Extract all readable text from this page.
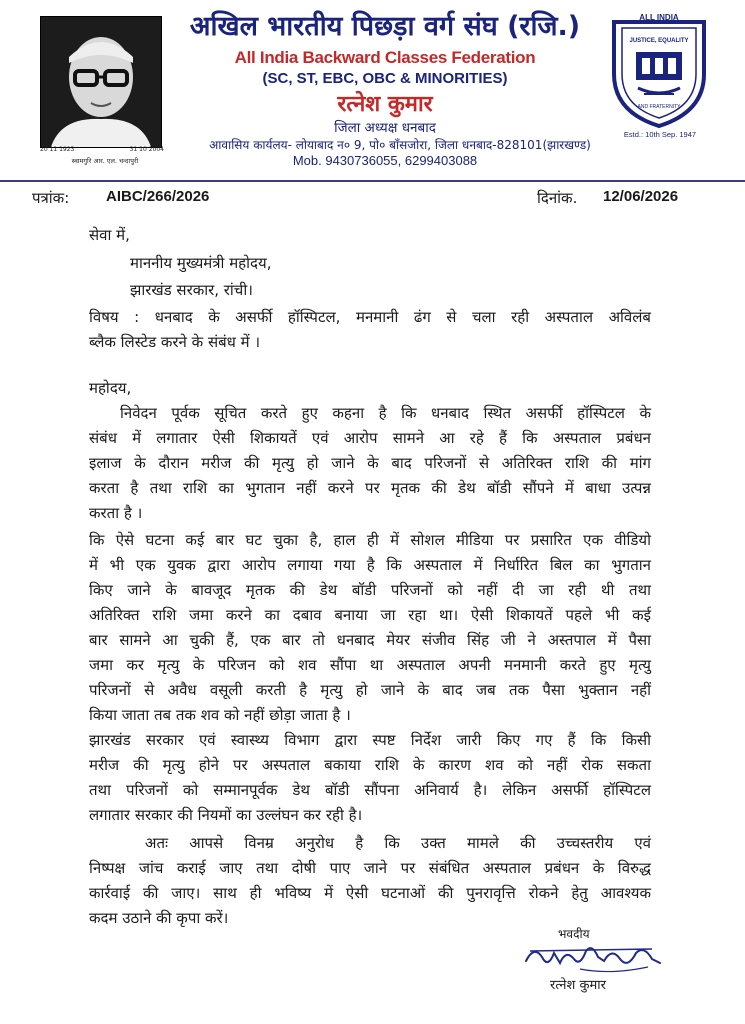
20 11 1923	31 10 2004
स्वामगुरि आर. एल. चन्दापुरी
अखिल भारतीय पिछड़ा वर्ग संघ (रजि.)
All India Backward Classes Federation
(SC, ST, EBC, OBC & MINORITIES)
रत्नेश कुमार
जिला अध्यक्ष धनबाद
आवासिय कार्यलय- लोयाबाद न० 9, पो० बाँसजोरा, जिला धनबाद-828101(झारखण्ड)
Mob. 9430736055, 6299403088
ALL INDIA
JUSTICE, EQUALITY
AND FRATERNITY
Estd.: 10th Sep. 1947
पत्रांक: AIBC/266/2026	दिनांक. 12/06/2026
सेवा में,
माननीय मुख्यमंत्री महोदय,
झारखंड सरकार, रांची।
विषय : धनबाद के असर्फी हॉस्पिटल, मनमानी ढंग से चला रही अस्पताल अविलंब
ब्लैक लिस्टेड करने के संबंध में ।
महोदय,
निवेदन पूर्वक सूचित करते हुए कहना है कि धनबाद स्थित असर्फी हॉस्पिटल के
संबंध में लगातार ऐसी शिकायतें एवं आरोप सामने आ रहे हैं कि अस्पताल प्रबंधन
इलाज के दौरान मरीज की मृत्यु हो जाने के बाद परिजनों से अतिरिक्त राशि की मांग
करता है तथा राशि का भुगतान नहीं करने पर मृतक की डेथ बॉडी सौंपने में बाधा उत्पन्न
करता है ।
कि ऐसे घटना कई बार घट चुका है, हाल ही में सोशल मीडिया पर प्रसारित एक वीडियो
में भी एक युवक द्वारा आरोप लगाया गया है कि अस्पताल में निर्धारित बिल का भुगतान
किए जाने के बावजूद मृतक की डेथ बॉडी परिजनों को नहीं दी जा रही थी तथा
अतिरिक्त राशि जमा करने का दबाव बनाया जा रहा था। ऐसी शिकायतें पहले भी कई
बार सामने आ चुकी हैं, एक बार तो धनबाद मेयर संजीव सिंह जी ने अस्तपाल में पैसा
जमा कर मृत्यु के परिजन को शव सौंपा था अस्पताल अपनी मनमानी करते हुए मृत्यु
परिजनों से अवैध वसूली करती है मृत्यु हो जाने के बाद जब तक पैसा भुक्तान नहीं
किया जाता तब तक शव को नहीं छोड़ा जाता है ।
झारखंड सरकार एवं स्वास्थ्य विभाग द्वारा स्पष्ट निर्देश जारी किए गए हैं कि किसी
मरीज की मृत्यु होने पर अस्पताल बकाया राशि के कारण शव को नहीं रोक सकता
तथा परिजनों को सम्मानपूर्वक डेथ बॉडी सौंपना अनिवार्य है। लेकिन असर्फी हॉस्पिटल
लगातार सरकार की नियमों का उल्लंघन कर रही है।
अतः आपसे विनम्र अनुरोध है कि उक्त मामले की उच्चस्तरीय एवं
निष्पक्ष जांच कराई जाए तथा दोषी पाए जाने पर संबंधित अस्पताल प्रबंधन के विरुद्ध
कार्रवाई की जाए। साथ ही भविष्य में ऐसी घटनाओं की पुनरावृत्ति रोकने हेतु आवश्यक
कदम उठाने की कृपा करें।
भवदीय
रत्नेश कुमार
